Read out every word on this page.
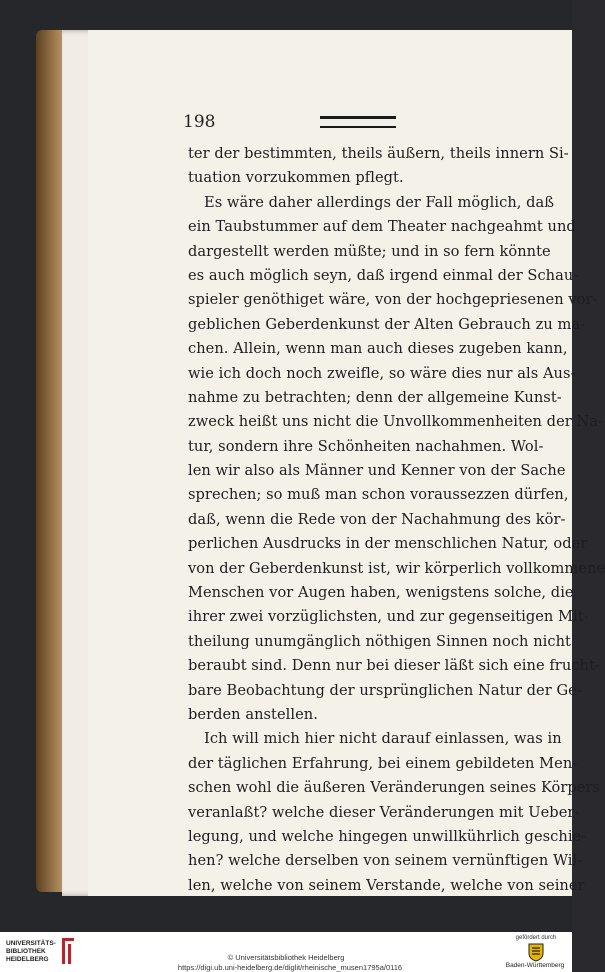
198
ter der bestimmten, theils äußern, theils innern Si-
tuation vorzukommen pflegt.
Es wäre daher allerdings der Fall möglich, daß
ein Taubstummer auf dem Theater nachgeahmt und
dargestellt werden müßte; und in so fern könnte
es auch möglich seyn, daß irgend einmal der Schau-
spieler genöthiget wäre, von der hochgepriesenen vor-
geblichen Geberdenkunst der Alten Gebrauch zu ma-
chen. Allein, wenn man auch dieses zugeben kann,
wie ich doch noch zweifle, so wäre dies nur als Aus-
nahme zu betrachten; denn der allgemeine Kunst-
zweck heißt uns nicht die Unvollkommenheiten der Na-
tur, sondern ihre Schönheiten nachahmen. Wol-
len wir also als Männer und Kenner von der Sache
sprechen; so muß man schon voraussezzen dürfen,
daß, wenn die Rede von der Nachahmung des kör-
perlichen Ausdrucks in der menschlichen Natur, oder
von der Geberdenkunst ist, wir körperlich vollkommene
Menschen vor Augen haben, wenigstens solche, die
ihrer zwei vorzüglichsten, und zur gegenseitigen Mit-
theilung unumgänglich nöthigen Sinnen noch nicht
beraubt sind. Denn nur bei dieser läßt sich eine frucht-
bare Beobachtung der ursprünglichen Natur der Ge-
berden anstellen.
Ich will mich hier nicht darauf einlassen, was in
der täglichen Erfahrung, bei einem gebildeten Men-
schen wohl die äußeren Veränderungen seines Körpers
veranlaßt? welche dieser Veränderungen mit Ueber-
legung, und welche hingegen unwillkührlich geschie-
hen? welche derselben von seinem vernünftigen Wil-
len, welche von seinem Verstande, welche von seiner
UNIVERSITÄTS-
BIBLIOTHEK
HEIDELBERG	© Universitätsbibliothek Heidelberg
https://digi.ub.uni-heidelberg.de/diglit/rheinische_musen1795a/0116
gefördert durch
Baden-Württemberg
